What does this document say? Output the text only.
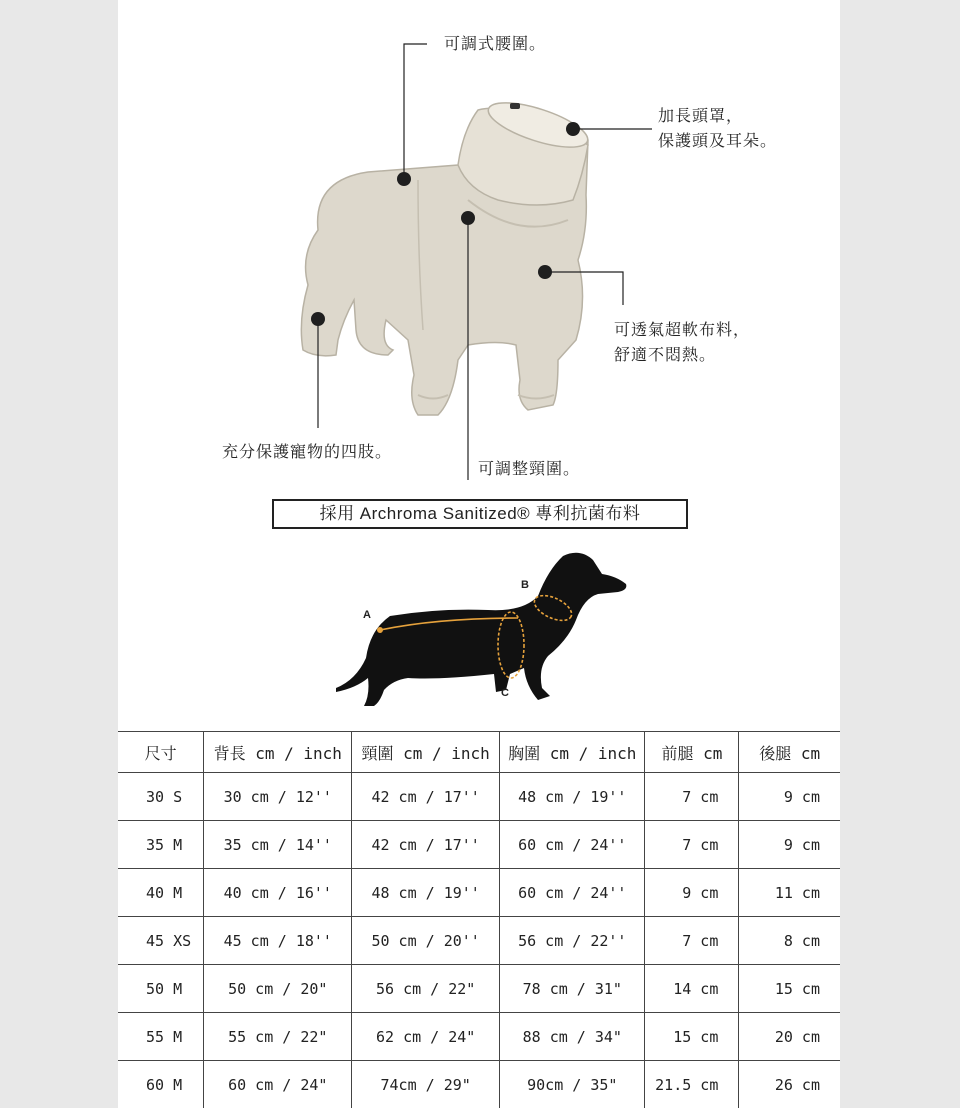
可調式腰圍。
加長頭罩，
保護頭及耳朵。
可透氣超軟布料，
舒適不悶熱。
充分保護寵物的四肢。
可調整頸圍。
採用 Archroma Sanitized® 專利抗菌布料
A
B
C
尺寸	背長 cm / inch	頸圍 cm / inch	胸圍 cm / inch	前腿 cm	後腿 cm
30 S	30 cm / 12''	42 cm / 17''	48 cm / 19''	7 cm	9 cm
35 M	35 cm / 14''	42 cm / 17''	60 cm / 24''	7 cm	9 cm
40 M	40 cm / 16''	48 cm / 19''	60 cm / 24''	9 cm	11 cm
45 XS	45 cm / 18''	50 cm / 20''	56 cm / 22''	7 cm	8 cm
50 M	50 cm / 20"	56 cm / 22"	78 cm / 31"	14 cm	15 cm
55 M	55 cm / 22"	62 cm / 24"	88 cm / 34"	15 cm	20 cm
60 M	60 cm / 24"	74cm / 29"	90cm / 35"	21.5 cm	26 cm
